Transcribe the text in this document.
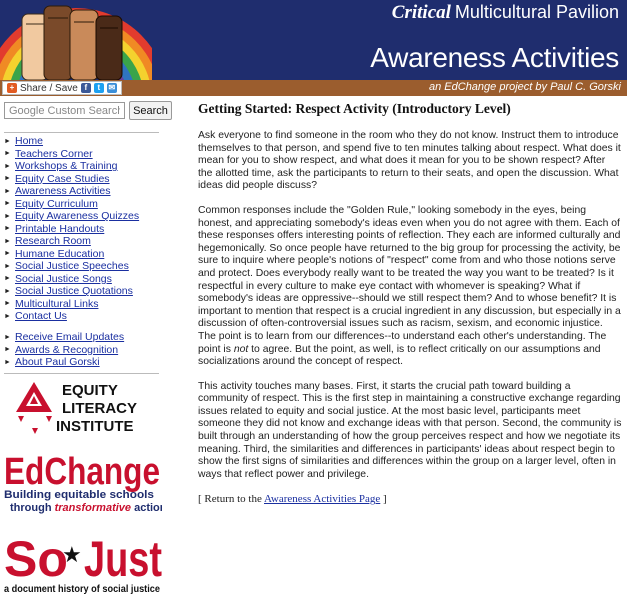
Critical Multicultural Pavilion
Awareness Activities
+ Share / Save f	t	✉	an EdChange project by Paul C. Gorski
Google Custom Search
Search
► Home
► Teachers Corner
► Workshops & Training
► Equity Case Studies
► Awareness Activities
► Equity Curriculum
► Equity Awareness Quizzes
► Printable Handouts
► Research Room
► Humane Education
► Social Justice Speeches
► Social Justice Songs
► Social Justice Quotations
► Multicultural Links
► Contact Us
► Receive Email Updates
► Awards & Recognition
► About Paul Gorski
EQUITY
LITERACY
INSTITUTE
EdChange
Building equitable schools
through transformative actio
So
★ Just
a document history of social justice
Getting Started: Respect Activity (Introductory Level)

Ask everyone to find someone in the room who they do not know. Instruct them to introduce themselves to that person, and spend five to ten minutes talking about respect. What does it mean for you to show respect, and what does it mean for you to be shown respect? After the allotted time, ask the participants to return to their seats, and open the discussion. What ideas did people discuss?

Common responses include the "Golden Rule," looking somebody in the eyes, being honest, and appreciating somebody's ideas even when you do not agree with them. Each of these responses offers interesting points of reflection. They each are informed culturally and hegemonically. So once people have returned to the big group for processing the activity, be sure to inquire where people's notions of "respect" come from and who those notions serve and protect. Does everybody really want to be treated the way you want to be treated? Is it respectful in every culture to make eye contact with whomever is speaking? What if somebody's ideas are oppressive--should we still respect them? And to whose benefit? It is important to mention that respect is a crucial ingredient in any discussion, but especially in a discussion of often-controversial issues such as racism, sexism, and economic injustice. The point is to learn from our differences--to understand each other's understanding. The point is not to agree. But the point, as well, is to reflect critically on our assumptions and socializations around the concept of respect.

This activity touches many bases. First, it starts the crucial path toward building a community of respect. This is the first step in maintaining a constructive exchange regarding issues related to equity and social justice. At the most basic level, participants meet someone they did not know and exchange ideas with that person. Second, the community is built through an understanding of how the group perceives respect and how we negotiate its meaning. Third, the similarities and differences in participants' ideas about respect begin to show the first signs of similarities and differences within the group on a larger level, often in ways that reflect power and privilege.

[ Return to the Awareness Activities Page ]
